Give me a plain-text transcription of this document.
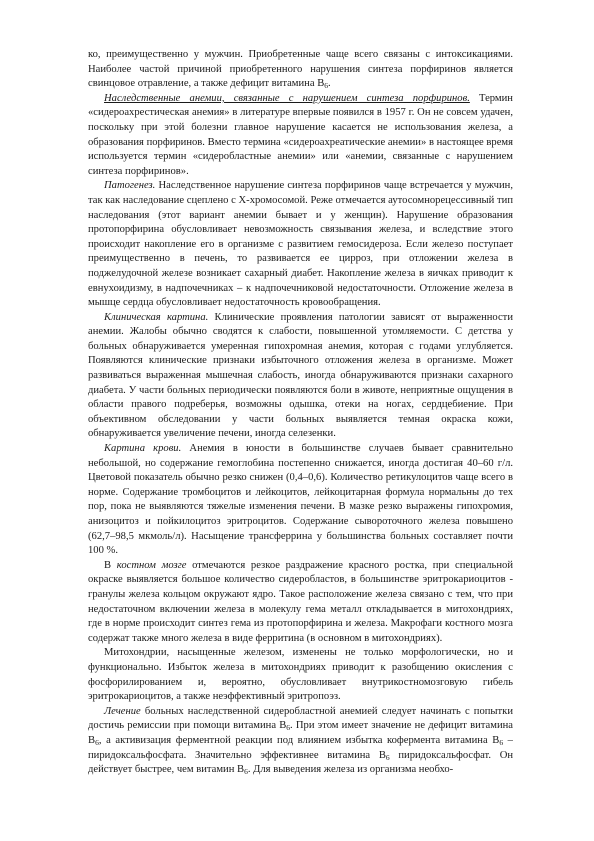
ко, преимущественно у мужчин. Приобретенные чаще всего связаны с интоксикациями. Наиболее частой причиной приобретенного нарушения синтеза порфиринов является свинцовое отравление, а также дефицит витамина $В_6$.

Наследственные анемии, связанные с нарушением синтеза порфиринов. Термин «сидероахрестическая анемия» в литературе впервые появился в 1957 г. Он не совсем удачен, поскольку при этой болезни главное нарушение касается не использования железа, а образования порфиринов. Вместо термина «сидероахреатические анемии» в настоящее время используется термин «сидеробластные анемии» или «анемии, связанные с нарушением синтеза порфиринов».

Патогенез. Наследственное нарушение синтеза порфиринов чаще встречается у мужчин, так как наследование сцеплено с Х-хромосомой. Реже отмечается аутосомнорецессивный тип наследования (этот вариант анемии бывает и у женщин). Нарушение образования протопорфирина обусловливает невозможность связывания железа, и вследствие этого происходит накопление его в организме с развитием гемосидероза. Если железо поступает преимущественно в печень, то развивается ее цирроз, при отложении железа в поджелудочной железе возникает сахарный диабет. Накопление железа в яичках приводит к евнухоидизму, в надпочечниках – к надпочечниковой недостаточности. Отложение железа в мышце сердца обусловливает недостаточность кровообращения.

Клиническая картина. Клинические проявления патологии зависят от выраженности анемии. Жалобы обычно сводятся к слабости, повышенной утомляемости. С детства у больных обнаруживается умеренная гипохромная анемия, которая с годами углубляется. Появляются клинические признаки избыточного отложения железа в организме. Может развиваться выраженная мышечная слабость, иногда обнаруживаются признаки сахарного диабета. У части больных периодически появляются боли в животе, неприятные ощущения в области правого подреберья, возможны одышка, отеки на ногах, сердцебиение. При объективном обследовании у части больных выявляется темная окраска кожи, обнаруживается увеличение печени, иногда селезенки.

Картина крови. Анемия в юности в большинстве случаев бывает сравнительно небольшой, но содержание гемоглобина постепенно снижается, иногда достигая 40–60 г/л. Цветовой показатель обычно резко снижен (0,4–0,6). Количество ретикулоцитов чаще всего в норме. Содержание тромбоцитов и лейкоцитов, лейкоцитарная формула нормальны до тех пор, пока не выявляются тяжелые изменения печени. В мазке резко выражены гипохромия, анизоцитоз и пойкилоцитоз эритроцитов. Содержание сывороточного железа повышено (62,7–98,5 мкмоль/л). Насыщение трансферрина у большинства больных составляет почти 100 %.

В костном мозге отмечаются резкое раздражение красного ростка, при специальной окраске выявляется большое количество сидеробластов, в большинстве эритрокариоцитов - гранулы железа кольцом окружают ядро. Такое расположение железа связано с тем, что при недостаточном включении железа в молекулу гема металл откладывается в митохондриях, где в норме происходит синтез гема из протопорфирина и железа. Макрофаги костного мозга содержат также много железа в виде ферритина (в основном в митохондриях).

Митохондрии, насыщенные железом, изменены не только морфологически, но и функционально. Избыток железа в митохондриях приводит к разобщению окисления с фосфорилированием и, вероятно, обусловливает внутрикостномозговую гибель эритрокариоцитов, а также неэффективный эритропоэз.

Лечение больных наследственной сидеробластной анемией следует начинать с попытки достичь ремиссии при помощи витамина $В_6$. При этом имеет значение не дефицит витамина $В_6$, а активизация ферментной реакции под влиянием избытка кофермента витамина $В_6$ – пиридоксальфосфата. Значительно эффективнее витамина $В_6$ пиридоксальфосфат. Он действует быстрее, чем витамин $В_6$. Для выведения железа из организма необхо-
